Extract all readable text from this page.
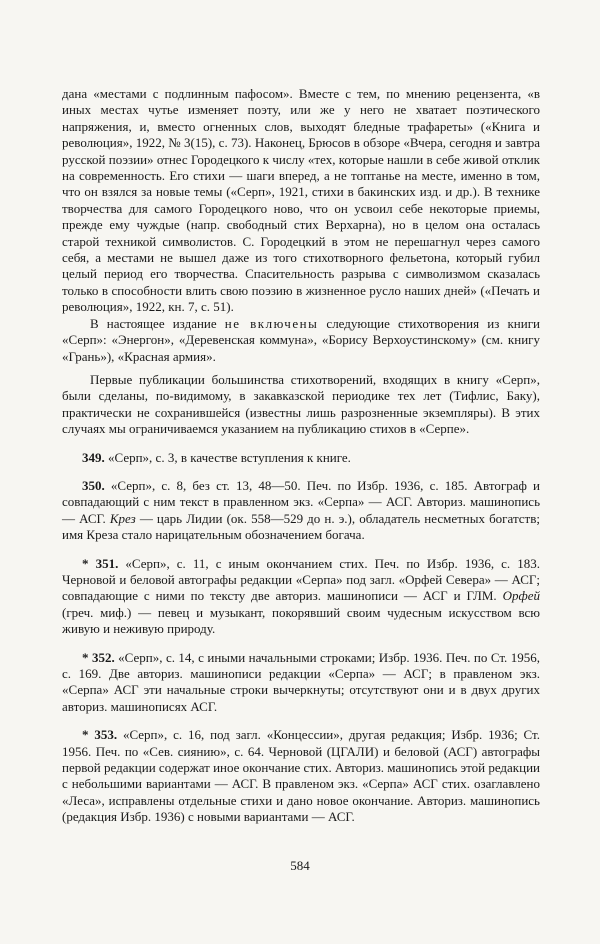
дана «местами с подлинным пафосом». Вместе с тем, по мнению рецензента, «в иных местах чутье изменяет поэту, или же у него не хватает поэтического напряжения, и, вместо огненных слов, выходят бледные трафареты» («Книга и революция», 1922, № 3(15), с. 73). Наконец, Брюсов в обзоре «Вчера, сегодня и завтра русской поэзии» отнес Городецкого к числу «тех, которые нашли в себе живой отклик на современность. Его стихи — шаги вперед, а не топтанье на месте, именно в том, что он взялся за новые темы («Серп», 1921, стихи в бакинских изд. и др.). В технике творчества для самого Городецкого ново, что он усвоил себе некоторые приемы, прежде ему чуждые (напр. свободный стих Верхарна), но в целом она осталась старой техникой символистов. С. Городецкий в этом не перешагнул через самого себя, а местами не вышел даже из того стихотворного фельетона, который губил целый период его творчества. Спасительность разрыва с символизмом сказалась только в способности влить свою поэзию в жизненное русло наших дней» («Печать и революция», 1922, кн. 7, с. 51).

В настоящее издание не включены следующие стихотворения из книги «Серп»: «Энергон», «Деревенская коммуна», «Борису Верхоустинскому» (см. книгу «Грань»), «Красная армия».

Первые публикации большинства стихотворений, входящих в книгу «Серп», были сделаны, по-видимому, в закавказской периодике тех лет (Тифлис, Баку), практически не сохранившейся (известны лишь разрозненные экземпляры). В этих случаях мы ограничиваемся указанием на публикацию стихов в «Серпе».

349. «Серп», с. 3, в качестве вступления к книге.

350. «Серп», с. 8, без ст. 13, 48—50. Печ. по Избр. 1936, с. 185. Автограф и совпадающий с ним текст в правленном экз. «Серпа» — АСГ. Авториз. машинопись — АСГ. Крез — царь Лидии (ок. 558—529 до н. э.), обладатель несметных богатств; имя Креза стало нарицательным обозначением богача.

* 351. «Серп», с. 11, с иным окончанием стих. Печ. по Избр. 1936, с. 183. Черновой и беловой автографы редакции «Серпа» под загл. «Орфей Севера» — АСГ; совпадающие с ними по тексту две авториз. машинописи — АСГ и ГЛМ. Орфей (греч. миф.) — певец и музыкант, покорявший своим чудесным искусством всю живую и неживую природу.

* 352. «Серп», с. 14, с иными начальными строками; Избр. 1936. Печ. по Ст. 1956, с. 169. Две авториз. машинописи редакции «Серпа» — АСГ; в правленом экз. «Серпа» АСГ эти начальные строки вычеркнуты; отсутствуют они и в двух других авториз. машинописях АСГ.

* 353. «Серп», с. 16, под загл. «Концессии», другая редакция; Избр. 1936; Ст. 1956. Печ. по «Сев. сиянию», с. 64. Черновой (ЦГАЛИ) и беловой (АСГ) автографы первой редакции содержат иное окончание стих. Авториз. машинопись этой редакции с небольшими вариантами — АСГ. В правленом экз. «Серпа» АСГ стих. озаглавлено «Леса», исправлены отдельные стихи и дано новое окончание. Авториз. машинопись (редакция Избр. 1936) с новыми вариантами — АСГ.

584
